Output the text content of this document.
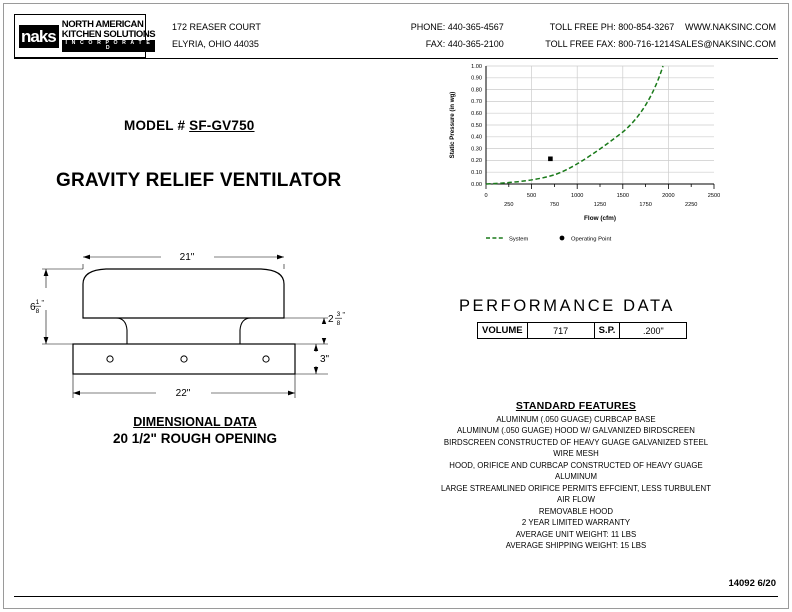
naks
NORTH AMERICAN
KITCHEN SOLUTIONS
I N C O R P O R A T E D
172 REASER COURT
ELYRIA, OHIO 44035
PHONE: 440-365-4567
FAX: 440-365-2100
TOLL FREE PH: 800-854-3267
TOLL FREE FAX: 800-716-1214
WWW.NAKSINC.COM
SALES@NAKSINC.COM
MODEL # SF-GV750
GRAVITY RELIEF VENTILATOR
21"
22"
6 1
8
"
2 3
8
"
3"
DIMENSIONAL DATA
20 1/2" ROUGH OPENING
0.00
0.10
0.20
0.30
0.40
0.50
0.60
0.70
0.80
0.90
1.00
0	500	1000	1500	2000	2500
250	750	1250	1750	2250
Flow (cfm)
Static Pressure (in wg)
System	Operating Point
PERFORMANCE DATA
VOLUME	717	S.P.	.200"
STANDARD FEATURES
ALUMINUM (.050 GUAGE) CURBCAP BASE
ALUMINUM (.050 GUAGE) HOOD W/ GALVANIZED BIRDSCREEN
BIRDSCREEN CONSTRUCTED OF HEAVY GUAGE GALVANIZED STEEL
WIRE MESH
HOOD, ORIFICE AND CURBCAP CONSTRUCTED OF HEAVY GUAGE
ALUMINUM
LARGE STREAMLINED ORIFICE PERMITS EFFCIENT, LESS TURBULENT
AIR FLOW
REMOVABLE HOOD
2 YEAR LIMITED WARRANTY
AVERAGE UNIT WEIGHT: 11 LBS
AVERAGE SHIPPING WEIGHT: 15 LBS
14092 6/20
